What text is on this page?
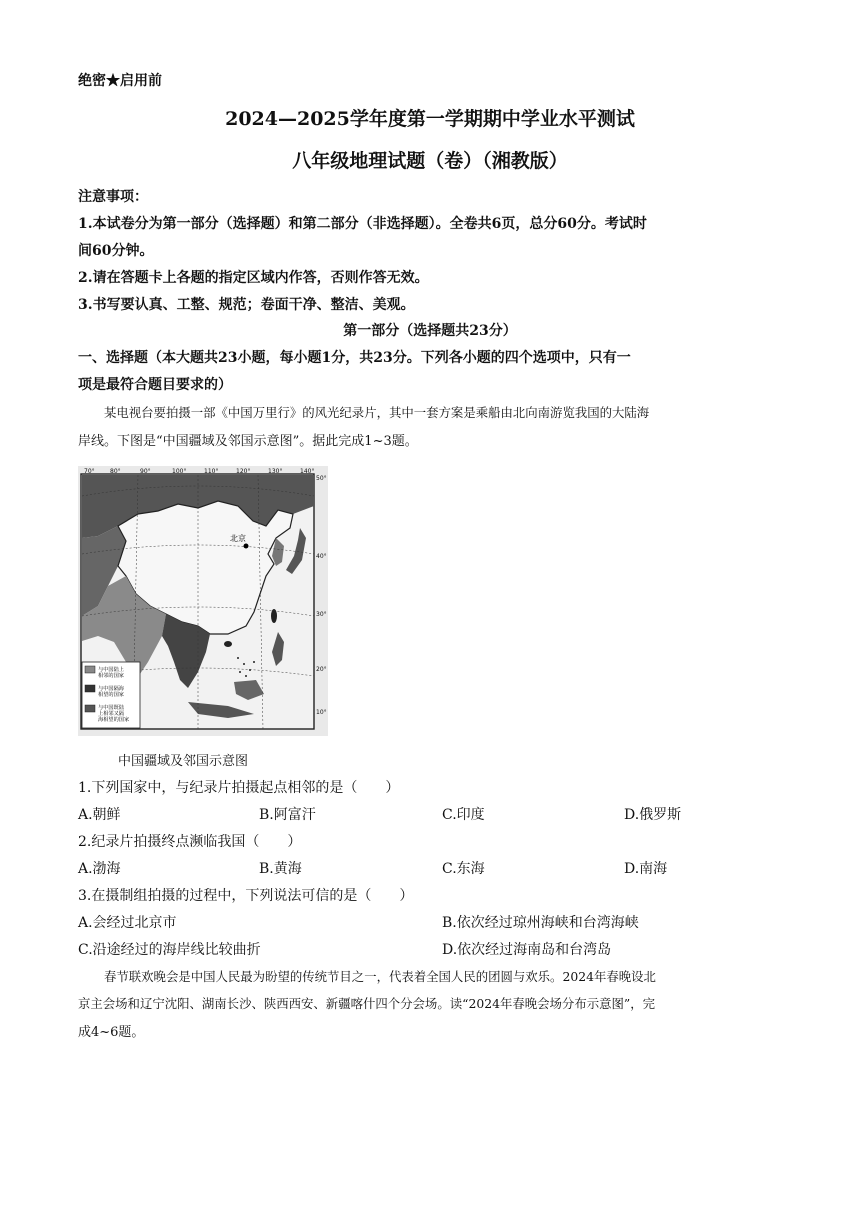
绝密★启用前
2024—2025学年度第一学期期中学业水平测试
八年级地理试题（卷）（湘教版）
注意事项：
1.本试卷分为第一部分（选择题）和第二部分（非选择题）。全卷共6页，总分60分。考试时
间60分钟。
2.请在答题卡上各题的指定区域内作答，否则作答无效。
3.书写要认真、工整、规范；卷面干净、整洁、美观。
第一部分（选择题共23分）
一、选择题（本大题共23小题，每小题1分，共23分。下列各小题的四个选项中，只有一
项是最符合题目要求的）
某电视台要拍摄一部《中国万里行》的风光纪录片，其中一套方案是乘船由北向南游览我国的大陆海
岸线。下图是“中国疆域及邻国示意图”。据此完成1~3题。
北京
70°	80°	90°	100°	110°	120°	130°	140°
50°
40°
30°
20°
10°
与中国陆上
相邻的国家
与中国隔海
相望的国家
与中国既陆
上相邻又隔
海相望的国家
中国疆域及邻国示意图
1.下列国家中，与纪录片拍摄起点相邻的是（　　）
A.朝鲜	B.阿富汗	C.印度	D.俄罗斯
2.纪录片拍摄终点濒临我国（　　）
A.渤海	B.黄海	C.东海	D.南海
3.在摄制组拍摄的过程中，下列说法可信的是（　　）
A.会经过北京市	B.依次经过琼州海峡和台湾海峡
C.沿途经过的海岸线比较曲折	D.依次经过海南岛和台湾岛
春节联欢晚会是中国人民最为盼望的传统节目之一，代表着全国人民的团圆与欢乐。2024年春晚设北
京主会场和辽宁沈阳、湖南长沙、陕西西安、新疆喀什四个分会场。读“2024年春晚会场分布示意图”，完
成4~6题。
